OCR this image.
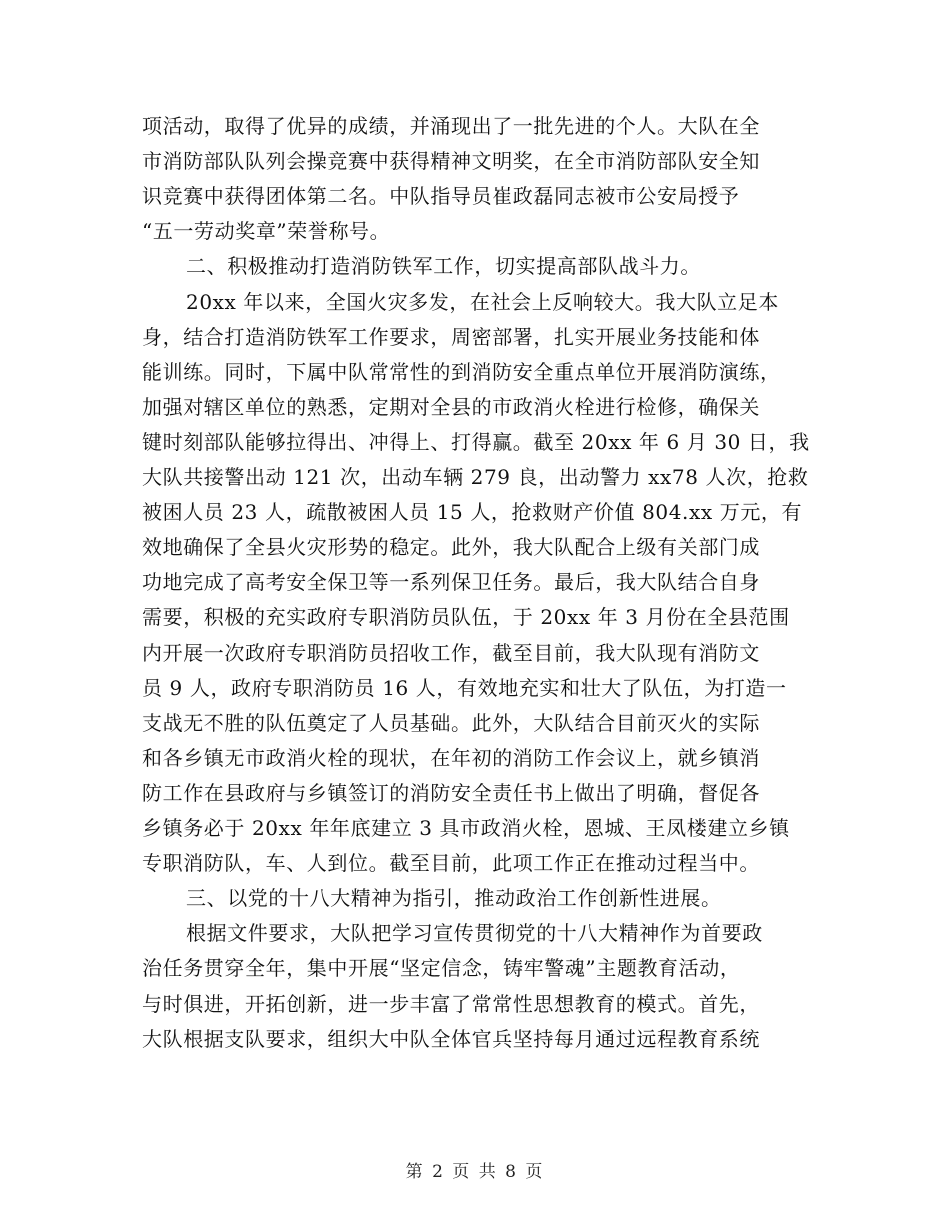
项活动，取得了优异的成绩，并涌现出了一批先进的个人。大队在全
市消防部队队列会操竞赛中获得精神文明奖，在全市消防部队安全知
识竞赛中获得团体第二名。中队指导员崔政磊同志被市公安局授予
“五一劳动奖章”荣誉称号。
二、积极推动打造消防铁军工作，切实提高部队战斗力。
20xx 年以来，全国火灾多发，在社会上反响较大。我大队立足本
身，结合打造消防铁军工作要求，周密部署，扎实开展业务技能和体
能训练。同时，下属中队常常性的到消防安全重点单位开展消防演练，
加强对辖区单位的熟悉，定期对全县的市政消火栓进行检修，确保关
键时刻部队能够拉得出、冲得上、打得赢。截至 20xx 年 6 月 30 日，我
大队共接警出动 121 次，出动车辆 279 良，出动警力 xx78 人次，抢救
被困人员 23 人，疏散被困人员 15 人，抢救财产价值 804.xx 万元，有
效地确保了全县火灾形势的稳定。此外，我大队配合上级有关部门成
功地完成了高考安全保卫等一系列保卫任务。最后，我大队结合自身
需要，积极的充实政府专职消防员队伍，于 20xx 年 3 月份在全县范围
内开展一次政府专职消防员招收工作，截至目前，我大队现有消防文
员 9 人，政府专职消防员 16 人，有效地充实和壮大了队伍，为打造一
支战无不胜的队伍奠定了人员基础。此外，大队结合目前灭火的实际
和各乡镇无市政消火栓的现状，在年初的消防工作会议上，就乡镇消
防工作在县政府与乡镇签订的消防安全责任书上做出了明确，督促各
乡镇务必于 20xx 年年底建立 3 具市政消火栓，恩城、王凤楼建立乡镇
专职消防队，车、人到位。截至目前，此项工作正在推动过程当中。
三、以党的十八大精神为指引，推动政治工作创新性进展。
根据文件要求，大队把学习宣传贯彻党的十八大精神作为首要政
治任务贯穿全年，集中开展“坚定信念，铸牢警魂”主题教育活动，
与时俱进，开拓创新，进一步丰富了常常性思想教育的模式。首先，
大队根据支队要求，组织大中队全体官兵坚持每月通过远程教育系统
第 2 页 共 8 页
